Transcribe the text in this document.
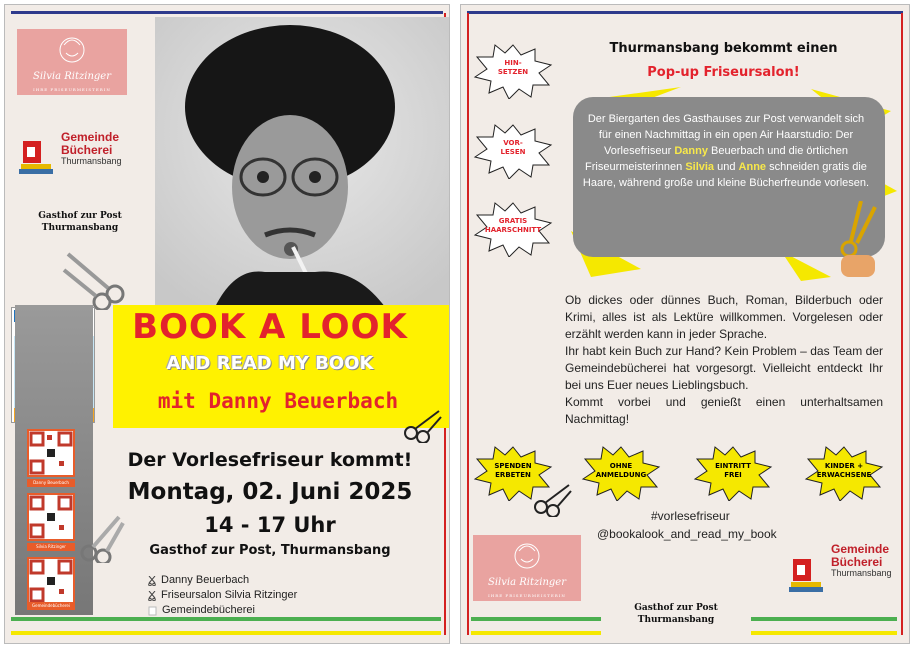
Silvia Ritzinger
IHRE FRISEURMEISTERIN
Gemeinde
Bücherei
Thurmansbang
Gasthof zur Post
Thurmansbang
Danny Beuerbach
Silvia Ritzinger
Gemeindebücherei
BOOK A LOOK
AND READ MY BOOK
mit Danny Beuerbach
Der Vorlesefriseur kommt!
Montag, 02. Juni 2025
14 - 17 Uhr
Gasthof zur Post, Thurmansbang
Danny Beuerbach
Friseursalon Silvia Ritzinger
Gemeindebücherei
HIN-
SETZEN
VOR-
LESEN
GRATIS
HAARSCHNITT
Thurmansbang bekommt einen
Pop-up Friseursalon!
Der Biergarten des Gasthauses zur Post verwandelt sich für einen Nachmittag in ein open Air Haarstudio: Der Vorlesefriseur Danny Beuerbach und die örtlichen Friseurmeisterinnen Silvia und Anne schneiden gratis die Haare, während große und kleine Bücherfreunde vorlesen.
Ob dickes oder dünnes Buch, Roman, Bilderbuch oder Krimi, alles ist als Lektüre willkommen. Vorgelesen oder erzählt werden kann in jeder Sprache.
Ihr habt kein Buch zur Hand? Kein Problem – das Team der Gemeindebücherei hat vorgesorgt. Vielleicht entdeckt Ihr bei uns Euer neues Lieblingsbuch.
Kommt vorbei und genießt einen unterhaltsamen Nachmittag!
SPENDEN
ERBETEN
OHNE
ANMELDUNG
EINTRITT
FREI
KINDER +
ERWACHSENE
#vorlesefriseur
@bookalook_and_read_my_book
Silvia Ritzinger
IHRE FRISEURMEISTERIN
Gemeinde
Bücherei
Thurmansbang
Gasthof zur Post
Thurmansbang
